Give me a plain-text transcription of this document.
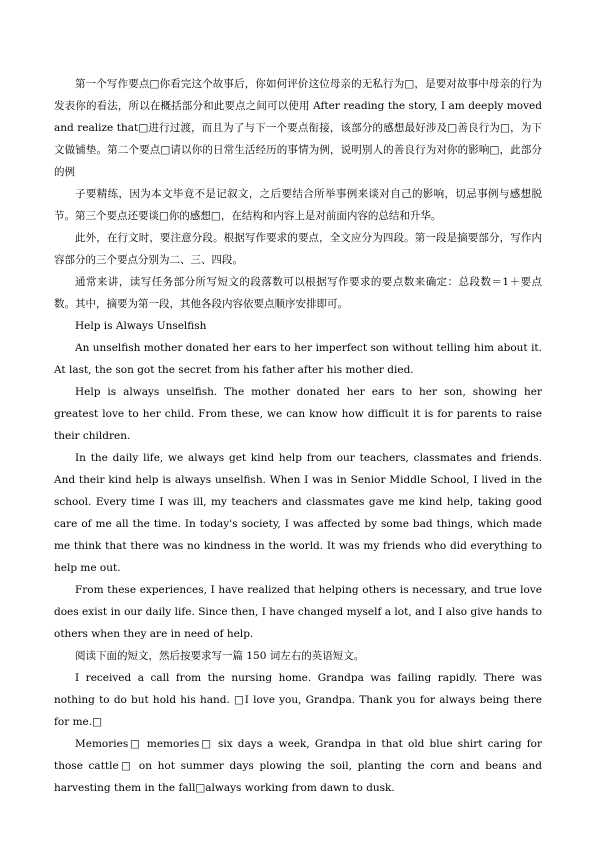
第一个写作要点□你看完这个故事后，你如何评价这位母亲的无私行为□，是要对故事中母亲的行为发表你的看法，所以在概括部分和此要点之间可以使用 After reading the story, I am deeply moved and realize that□进行过渡，而且为了与下一个要点衔接，该部分的感想最好涉及□善良行为□，为下文做铺垫。第二个要点□请以你的日常生活经历的事情为例，说明别人的善良行为对你的影响□，此部分的例

子要精练，因为本文毕竟不是记叙文，之后要结合所举事例来谈对自己的影响，切忌事例与感想脱节。第三个要点还要谈□你的感想□，在结构和内容上是对前面内容的总结和升华。

此外，在行文时，要注意分段。根据写作要求的要点，全文应分为四段。第一段是摘要部分，写作内容部分的三个要点分别为二、三、四段。

通常来讲，读写任务部分所写短文的段落数可以根据写作要求的要点数来确定：总段数＝1＋要点数。其中，摘要为第一段，其他各段内容依要点顺序安排即可。

Help is Always Unselfish

An unselfish mother donated her ears to her imperfect son without telling him about it. At last, the son got the secret from his father after his mother died.

Help is always unselfish. The mother donated her ears to her son, showing her greatest love to her child. From these, we can know how difficult it is for parents to raise their children.

In the daily life, we always get kind help from our teachers, classmates and friends. And their kind help is always unselfish. When I was in Senior Middle School, I lived in the school. Every time I was ill, my teachers and classmates gave me kind help, taking good care of me all the time. In today's society, I was affected by some bad things, which made me think that there was no kindness in the world. It was my friends who did everything to help me out.

From these experiences, I have realized that helping others is necessary, and true love does exist in our daily life. Since then, I have changed myself a lot, and I also give hands to others when they are in need of help.

阅读下面的短文，然后按要求写一篇 150 词左右的英语短文。

I received a call from the nursing home. Grandpa was failing rapidly. There was nothing to do but hold his hand. □I love you, Grandpa. Thank you for always being there for me.□

Memories□ memories□ six days a week, Grandpa in that old blue shirt caring for those cattle□ on hot summer days plowing the soil, planting the corn and beans and harvesting them in the fall□always working from dawn to dusk.
